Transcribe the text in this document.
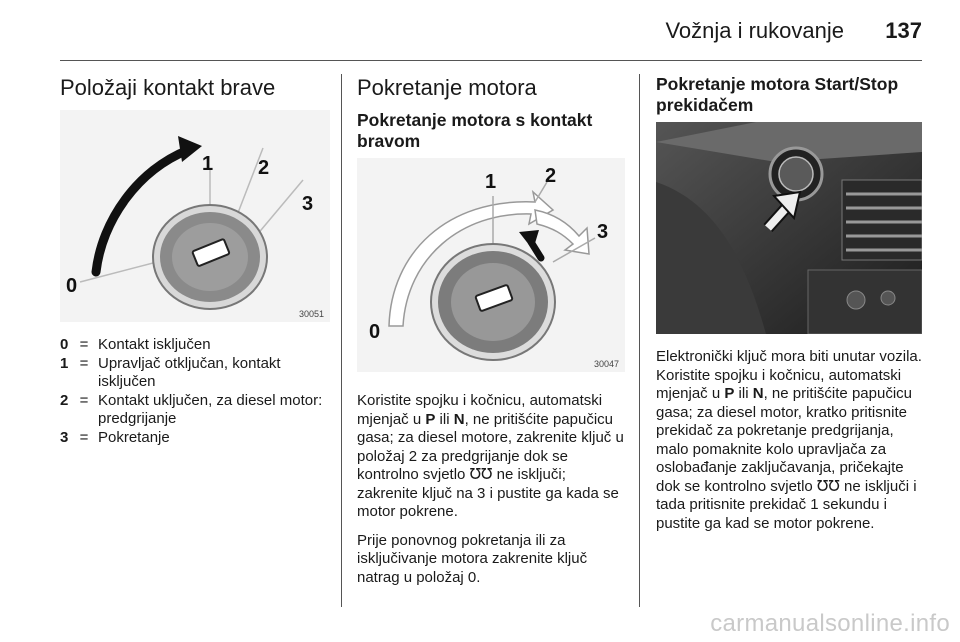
Vožnja i rukovanje 137
Položaji kontakt brave
0
1 2
3
30051
0 = Kontakt isključen
1 = Upravljač otključan, kontakt isključen
2 = Kontakt uključen, za diesel motor: predgrijanje
3 = Pokretanje
Pokretanje motora
Pokretanje motora s kontakt bravom
0
1 2
3
30047

Koristite spojku i kočnicu, automatski mjenjač u P ili N, ne pritišćite papučicu gasa; za diesel motore, zakrenite ključ u položaj 2 za predgrijanje dok se kontrolno svjetlo ℧℧ ne isključi; zakrenite ključ na 3 i pustite ga kada se motor pokrene.

Prije ponovnog pokretanja ili za isključivanje motora zakrenite ključ natrag u položaj 0.

Pokretanje motora Start/Stop prekidačem

Elektronički ključ mora biti unutar vozila. Koristite spojku i kočnicu, automatski mjenjač u P ili N, ne pritišćite papučicu gasa; za diesel motor, kratko pritisnite prekidač za pokretanje predgrijanja, malo pomaknite kolo upravljača za oslobađanje zaključavanja, pričekajte dok se kontrolno svjetlo ℧℧ ne isključi i tada pritisnite prekidač 1 sekundu i pustite ga kad se motor pokrene.

carmanualsonline.info
